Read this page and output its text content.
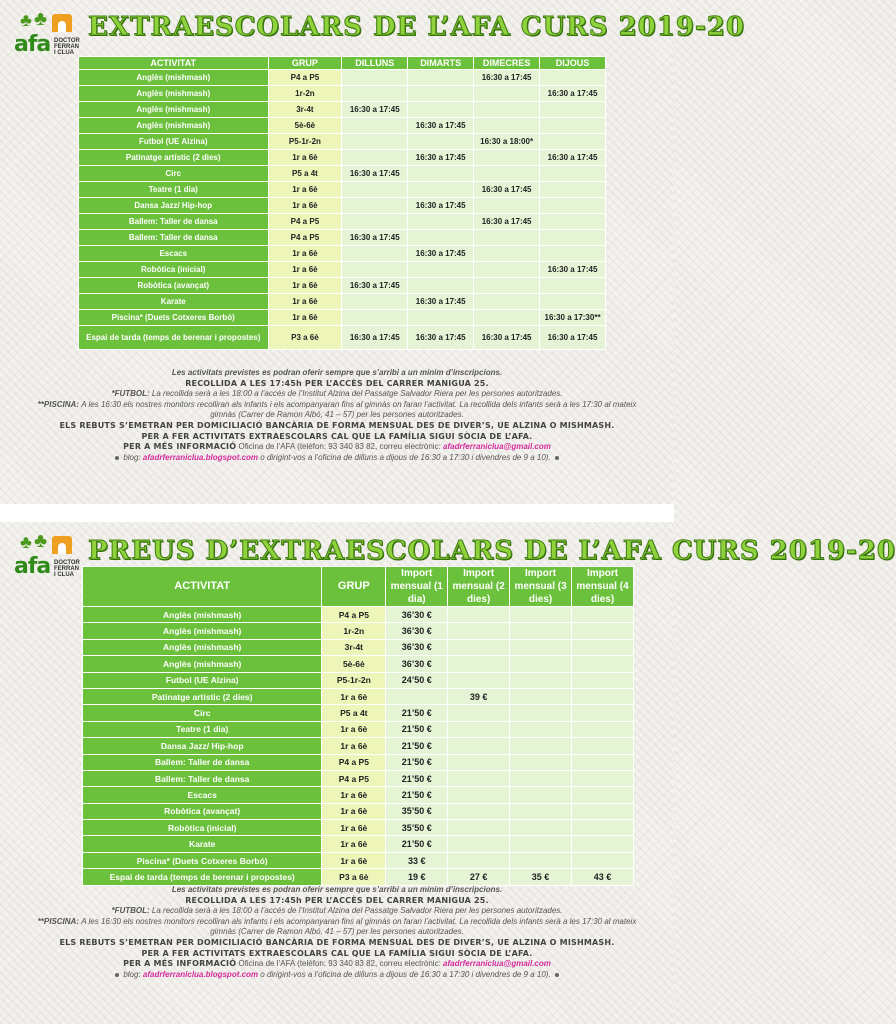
♣ ♣
afa DOCTOR
FERRAN
I CLUA
EXTRAESCOLARS DE L’AFA CURS 2019-20
ACTIVITAT	GRUP	DILLUNS	DIMARTS	DIMECRES	DIJOUS
Anglès (mishmash)	P4 a P5			16:30 a 17:45	
Anglès (mishmash)	1r-2n				16:30 a 17:45
Anglès (mishmash)	3r-4t	16:30 a 17:45			
Anglès (mishmash)	5è-6è		16:30 a 17:45		
Futbol (UE Alzina)	P5-1r-2n			16:30 a 18:00*	
Patinatge artístic (2 dies)	1r a 6è		16:30 a 17:45		16:30 a 17:45
Circ	P5 a 4t	16:30 a 17:45			
Teatre (1 dia)	1r a 6è			16:30 a 17:45	
Dansa Jazz/ Hip-hop	1r a 6è		16:30 a 17:45		
Ballem: Taller de dansa	P4 a P5			16:30 a 17:45	
Ballem: Taller de dansa	P4 a P5	16:30 a 17:45			
Escacs	1r a 6è		16:30 a 17:45		
Robòtica (inicial)	1r a 6è				16:30 a 17:45
Robòtica (avançat)	1r a 6è	16:30 a 17:45			
Karate	1r a 6è		16:30 a 17:45		
Piscina* (Duets Cotxeres Borbó)	1r a 6è				16:30 a 17:30**
Espai de tarda (temps de berenar i propostes)	P3 a 6è	16:30 a 17:45	16:30 a 17:45	16:30 a 17:45	16:30 a 17:45
Les activitats previstes es podran oferir sempre que s’arribi a un mínim d’inscripcions.
RECOLLIDA A LES 17:45h PER L’ACCÈS DEL CARRER MANIGUA 25.
*FUTBOL: La recollida serà a les 18:00 a l’accés de l’Institut Alzina del Passatge Salvador Riera per les persones autoritzades.
**PISCINA: A les 16:30 els nostres monitors recolliran als infants i els acompanyaran fins al gimnàs on faran l’activitat. La recollida dels infants serà a les 17:30 al mateix gimnàs (Carrer de Ramon Albó, 41 – 57) per les persones autoritzades.
ELS REBUTS S’EMETRAN PER DOMICILIACIÓ BANCÀRIA DE FORMA MENSUAL DES DE DIVER’S, UE ALZINA O MISHMASH.
PER A FER ACTIVITATS EXTRAESCOLARS CAL QUE LA FAMÍLIA SIGUI SÒCIA DE L’AFA.
PER A MÉS INFORMACIÓ Oficina de l’AFA (telèfon: 93 340 83 82, correu electrònic: afadrferraniclua@gmail.com
blog: afadrferraniclua.blogspot.com o dirigint-vos a l’oficina de dilluns a dijous de 16:30 a 17:30 i divendres de 9 a 10).
♣ ♣
afa DOCTOR
FERRAN
I CLUA
PREUS D’EXTRAESCOLARS DE L’AFA CURS 2019-20
ACTIVITAT	GRUP	Import mensual (1 dia)	Import mensual (2 dies)	Import mensual (3 dies)	Import mensual (4 dies)
Anglès (mishmash)	P4 a P5	36’30 €			
Anglès (mishmash)	1r-2n	36’30 €			
Anglès (mishmash)	3r-4t	36’30 €			
Anglès (mishmash)	5è-6è	36’30 €			
Futbol (UE Alzina)	P5-1r-2n	24’50 €			
Patinatge artístic (2 dies)	1r a 6è		39 €		
Circ	P5 a 4t	21’50 €			
Teatre (1 dia)	1r a 6è	21’50 €			
Dansa Jazz/ Hip-hop	1r a 6è	21’50 €			
Ballem: Taller de dansa	P4 a P5	21’50 €			
Ballem: Taller de dansa	P4 a P5	21’50 €			
Escacs	1r a 6è	21’50 €			
Robòtica (avançat)	1r a 6è	35’50 €			
Robòtica (inicial)	1r a 6è	35’50 €			
Karate	1r a 6è	21’50 €			
Piscina* (Duets Cotxeres Borbó)	1r a 6è	33 €			
Espai de tarda (temps de berenar i propostes)	P3 a 6è	19 €	27 €	35 €	43 €
Les activitats previstes es podran oferir sempre que s’arribi a un mínim d’inscripcions.
RECOLLIDA A LES 17:45h PER L’ACCÈS DEL CARRER MANIGUA 25.
*FUTBOL: La recollida serà a les 18:00 a l’accés de l’Institut Alzina del Passatge Salvador Riera per les persones autoritzades.
**PISCINA: A les 16:30 els nostres monitors recolliran als infants i els acompanyaran fins al gimnàs on faran l’activitat. La recollida dels infants serà a les 17:30 al mateix gimnàs (Carrer de Ramon Albó, 41 – 57) per les persones autoritzades.
ELS REBUTS S’EMETRAN PER DOMICILIACIÓ BANCÀRIA DE FORMA MENSUAL DES DE DIVER’S, UE ALZINA O MISHMASH.
PER A FER ACTIVITATS EXTRAESCOLARS CAL QUE LA FAMÍLIA SIGUI SÒCIA DE L’AFA.
PER A MÉS INFORMACIÓ Oficina de l’AFA (telèfon: 93 340 83 82, correu electrònic: afadrferraniclua@gmail.com
blog: afadrferraniclua.blogspot.com o dirigint-vos a l’oficina de dilluns a dijous de 16:30 a 17:30 i divendres de 9 a 10).
